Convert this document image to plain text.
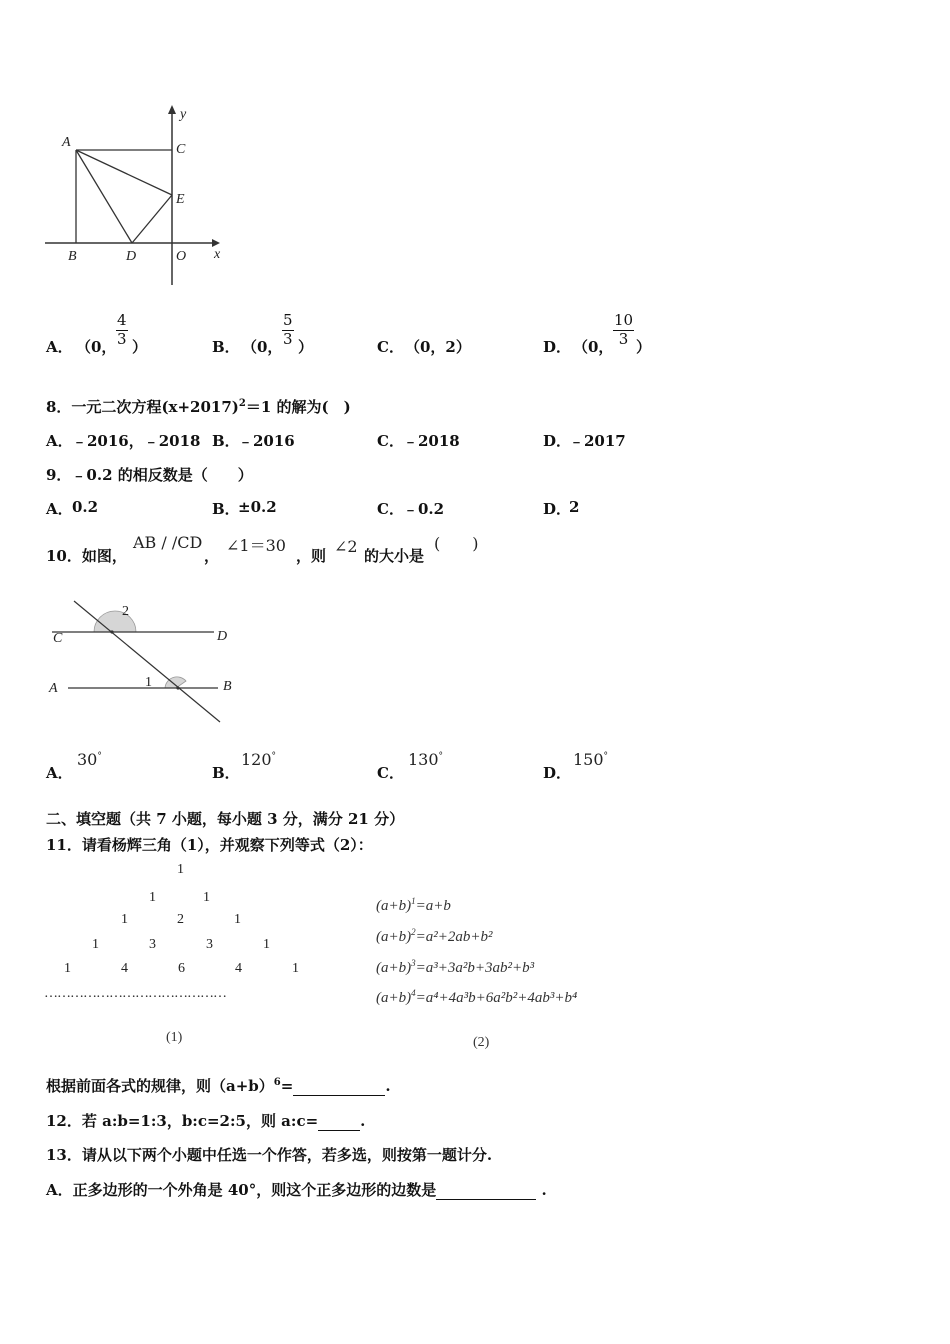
A	C
E
B	D	O x
y
A． （0， $\frac{4}{3}$ ）	B． （0， $\frac{5}{3}$ ）	C． （0，2）	D． （0， $\frac{10}{3}$ ）
8．一元二次方程$(x+2017)^2=1$ 的解为(　)
A． ﹣2016，﹣2018 B．
﹣2016	C． ﹣2018	D．
﹣2017
9．﹣0.2 的相反数是（　　）
A． 0.2	B．
±0.2	C． ﹣0.2	D．
2
10．如图，
AB / /CD
，
∠1＝30
，则 ∠2 的大小是
(　　)
C	D
A	B
1
2
A．
30°
B．
120°
C．
130°
D．
150°
二、填空题（共 7 小题，每小题 3 分，满分 21 分）
11．请看杨辉三角（1），并观察下列等式（2）：
1
1	1
1	2	1
1	3	3	1
1	4	6	4	1
……………………………………
(1)
$(a+b)^1=a+b$
$(a+b)^2=a^2+2ab+b^2$
$(a+b)^3=a^3+3a^2b+3ab^2+b^3$
$(a+b)^4=a^4+4a^3b+6a^2b^2+4ab^3+b^4$
(2)
根据前面各式的规律，则$(a+b)^6=$	.
12．若 a:b=1:3，b:c=2:5，则 a:c=	.
13．请从以下两个小题中任选一个作答，若多选，则按第一题计分.
A．正多边形的一个外角是 40°，则这个正多边形的边数是	.
